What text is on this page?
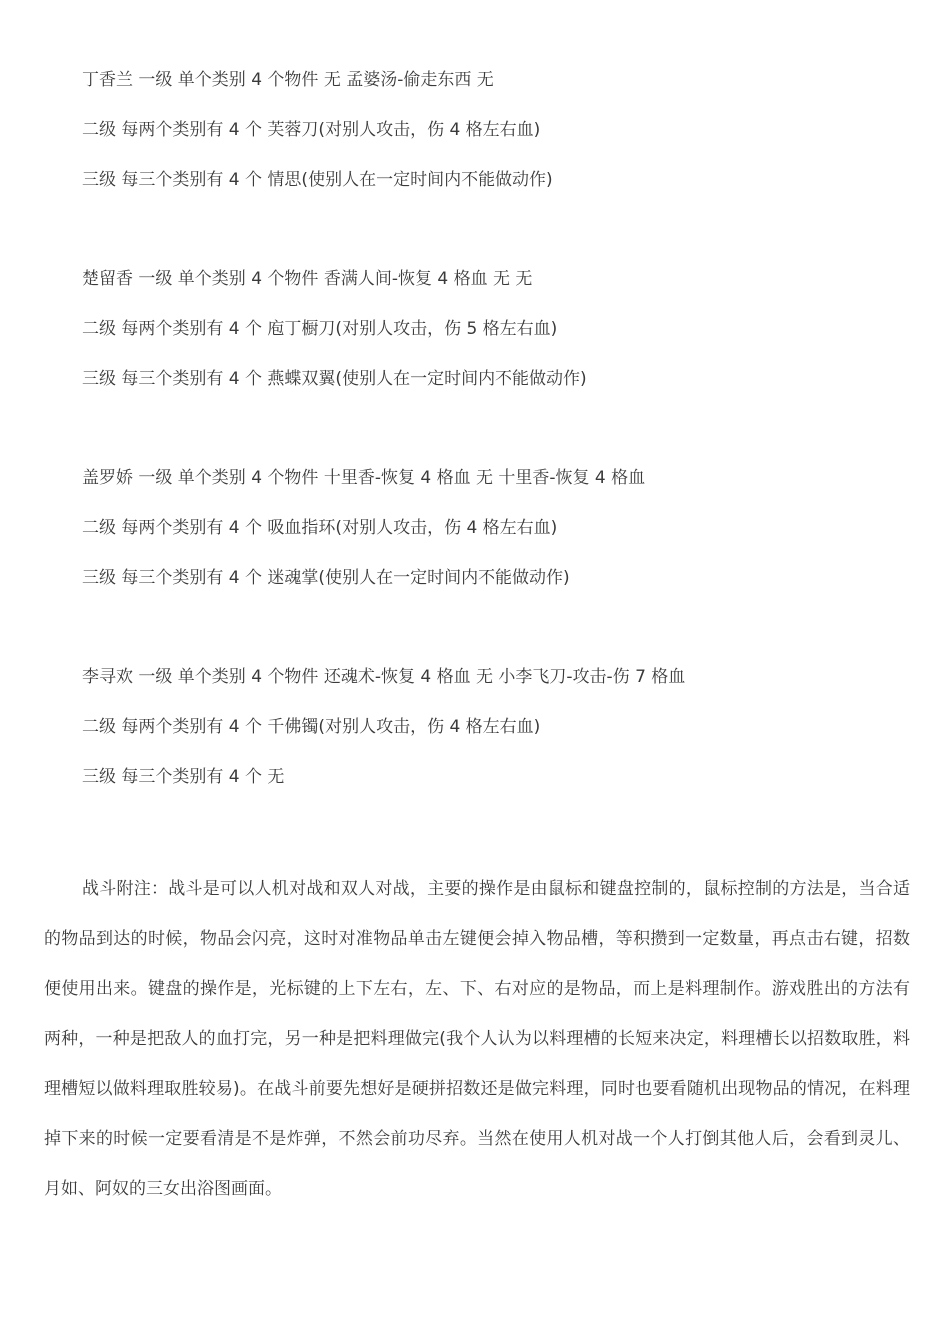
丁香兰 一级 单个类别 4 个物件 无 孟婆汤-偷走东西 无
二级 每两个类别有 4 个 芙蓉刀(对别人攻击，伤 4 格左右血)
三级 每三个类别有 4 个 情思(使别人在一定时间内不能做动作)
楚留香 一级 单个类别 4 个物件 香满人间-恢复 4 格血 无 无
二级 每两个类别有 4 个 庖丁橱刀(对别人攻击，伤 5 格左右血)
三级 每三个类别有 4 个 燕蝶双翼(使别人在一定时间内不能做动作)
盖罗娇 一级 单个类别 4 个物件 十里香-恢复 4 格血 无 十里香-恢复 4 格血
二级 每两个类别有 4 个 吸血指环(对别人攻击，伤 4 格左右血)
三级 每三个类别有 4 个 迷魂掌(使别人在一定时间内不能做动作)
李寻欢 一级 单个类别 4 个物件 还魂术-恢复 4 格血 无 小李飞刀-攻击-伤 7 格血
二级 每两个类别有 4 个 千佛镯(对别人攻击，伤 4 格左右血)
三级 每三个类别有 4 个 无

战斗附注：战斗是可以人机对战和双人对战，主要的操作是由鼠标和键盘控制的，鼠标控制的方法是，当合适的物品到达的时候，物品会闪亮，这时对准物品单击左键便会掉入物品槽，等积攒到一定数量，再点击右键，招数便使用出来。键盘的操作是，光标键的上下左右，左、下、右对应的是物品，而上是料理制作。游戏胜出的方法有两种，一种是把敌人的血打完，另一种是把料理做完(我个人认为以料理槽的长短来决定，料理槽长以招数取胜，料理槽短以做料理取胜较易)。在战斗前要先想好是硬拼招数还是做完料理，同时也要看随机出现物品的情况，在料理掉下来的时候一定要看清是不是炸弹，不然会前功尽弃。当然在使用人机对战一个人打倒其他人后，会看到灵儿、月如、阿奴的三女出浴图画面。
